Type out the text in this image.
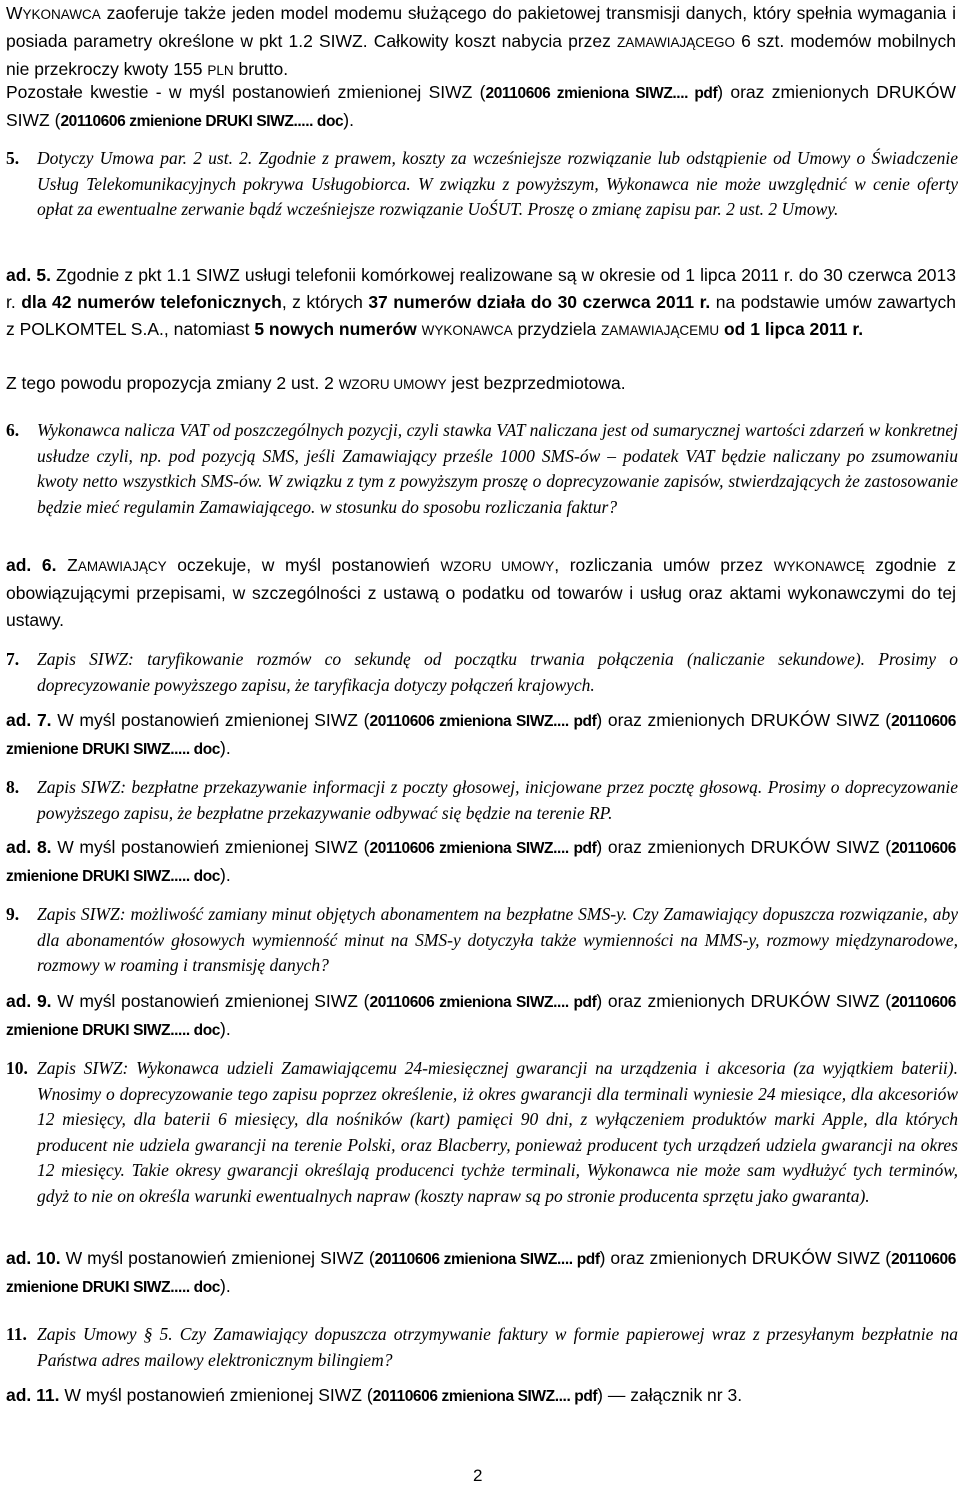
WYKONAWCA zaoferuje także jeden model modemu służącego do pakietowej transmisji danych, który spełnia wymagania i posiada parametry określone w pkt 1.2 SIWZ. Całkowity koszt nabycia przez ZAMAWIAJĄCEGO 6 szt. modemów mobilnych nie przekroczy kwoty 155 PLN brutto.
Pozostałe kwestie - w myśl postanowień zmienionej SIWZ (20110606 zmieniona SIWZ.... pdf) oraz zmienionych DRUKÓW SIWZ (20110606 zmienione DRUKI SIWZ..... doc).
5.	Dotyczy Umowa par. 2 ust. 2. Zgodnie z prawem, koszty za wcześniejsze rozwiązanie lub odstąpienie od Umowy o Świadczenie Usług Telekomunikacyjnych pokrywa Usługobiorca. W związku z powyższym, Wykonawca nie może uwzględnić w cenie oferty opłat za ewentualne zerwanie bądź wcześniejsze rozwiązanie UoŚUT. Proszę o zmianę zapisu par. 2 ust. 2 Umowy.
ad. 5. Zgodnie z pkt 1.1 SIWZ usługi telefonii komórkowej realizowane są w okresie od 1 lipca 2011 r. do 30 czerwca 2013 r. dla 42 numerów telefonicznych, z których 37 numerów działa do 30 czerwca 2011 r. na podstawie umów zawartych z POLKOMTEL S.A., natomiast 5 nowych numerów WYKONAWCA przydziela ZAMAWIAJĄCEMU od 1 lipca 2011 r.
Z tego powodu propozycja zmiany 2 ust. 2 WZORU UMOWY jest bezprzedmiotowa.
6.	Wykonawca nalicza VAT od poszczególnych pozycji, czyli stawka VAT naliczana jest od sumarycznej wartości zdarzeń w konkretnej usłudze czyli, np. pod pozycją SMS, jeśli Zamawiający prześle 1000 SMS-ów – podatek VAT będzie naliczany po zsumowaniu kwoty netto wszystkich SMS-ów. W związku z tym z powyższym proszę o doprecyzowanie zapisów, stwierdzających że zastosowanie będzie mieć regulamin Zamawiającego. w stosunku do sposobu rozliczania faktur?
ad. 6. ZAMAWIAJĄCY oczekuje, w myśl postanowień WZORU UMOWY, rozliczania umów przez WYKONAWCĘ zgodnie z obowiązującymi przepisami, w szczególności z ustawą o podatku od towarów i usług oraz aktami wykonawczymi do tej ustawy.
7.	Zapis SIWZ: taryfikowanie rozmów co sekundę od początku trwania połączenia (naliczanie sekundowe). Prosimy o doprecyzowanie powyższego zapisu, że taryfikacja dotyczy połączeń krajowych.
ad. 7. W myśl postanowień zmienionej SIWZ (20110606 zmieniona SIWZ.... pdf) oraz zmienionych DRUKÓW SIWZ (20110606 zmienione DRUKI SIWZ..... doc).
8.	Zapis SIWZ: bezpłatne przekazywanie informacji z poczty głosowej, inicjowane przez pocztę głosową. Prosimy o doprecyzowanie powyższego zapisu, że bezpłatne przekazywanie odbywać się będzie na terenie RP.
ad. 8. W myśl postanowień zmienionej SIWZ (20110606 zmieniona SIWZ.... pdf) oraz zmienionych DRUKÓW SIWZ (20110606 zmienione DRUKI SIWZ..... doc).
9.	Zapis SIWZ: możliwość zamiany minut objętych abonamentem na bezpłatne SMS-y. Czy Zamawiający dopuszcza rozwiązanie, aby dla abonamentów głosowych wymienność minut na SMS-y dotyczyła także wymienności na MMS-y, rozmowy międzynarodowe, rozmowy w roaming i transmisję danych?
ad. 9. W myśl postanowień zmienionej SIWZ (20110606 zmieniona SIWZ.... pdf) oraz zmienionych DRUKÓW SIWZ (20110606 zmienione DRUKI SIWZ..... doc).
10. Zapis SIWZ: Wykonawca udzieli Zamawiającemu 24-miesięcznej gwarancji na urządzenia i akcesoria (za wyjątkiem baterii). Wnosimy o doprecyzowanie tego zapisu poprzez określenie, iż okres gwarancji dla terminali wyniesie 24 miesiące, dla akcesoriów 12 miesięcy, dla baterii 6 miesięcy, dla nośników (kart) pamięci 90 dni, z wyłączeniem produktów marki Apple, dla których producent nie udziela gwarancji na terenie Polski, oraz Blacberry, ponieważ producent tych urządzeń udziela gwarancji na okres 12 miesięcy. Takie okresy gwarancji określają producenci tychże terminali, Wykonawca nie może sam wydłużyć tych terminów, gdyż to nie on określa warunki ewentualnych napraw (koszty napraw są po stronie producenta sprzętu jako gwaranta).
ad. 10. W myśl postanowień zmienionej SIWZ (20110606 zmieniona SIWZ.... pdf) oraz zmienionych DRUKÓW SIWZ (20110606 zmienione DRUKI SIWZ..... doc).
11. Zapis Umowy § 5. Czy Zamawiający dopuszcza otrzymywanie faktury w formie papierowej wraz z przesyłanym bezpłatnie na Państwa adres mailowy elektronicznym bilingiem?
ad. 11. W myśl postanowień zmienionej SIWZ (20110606 zmieniona SIWZ.... pdf) — załącznik nr 3.
2
